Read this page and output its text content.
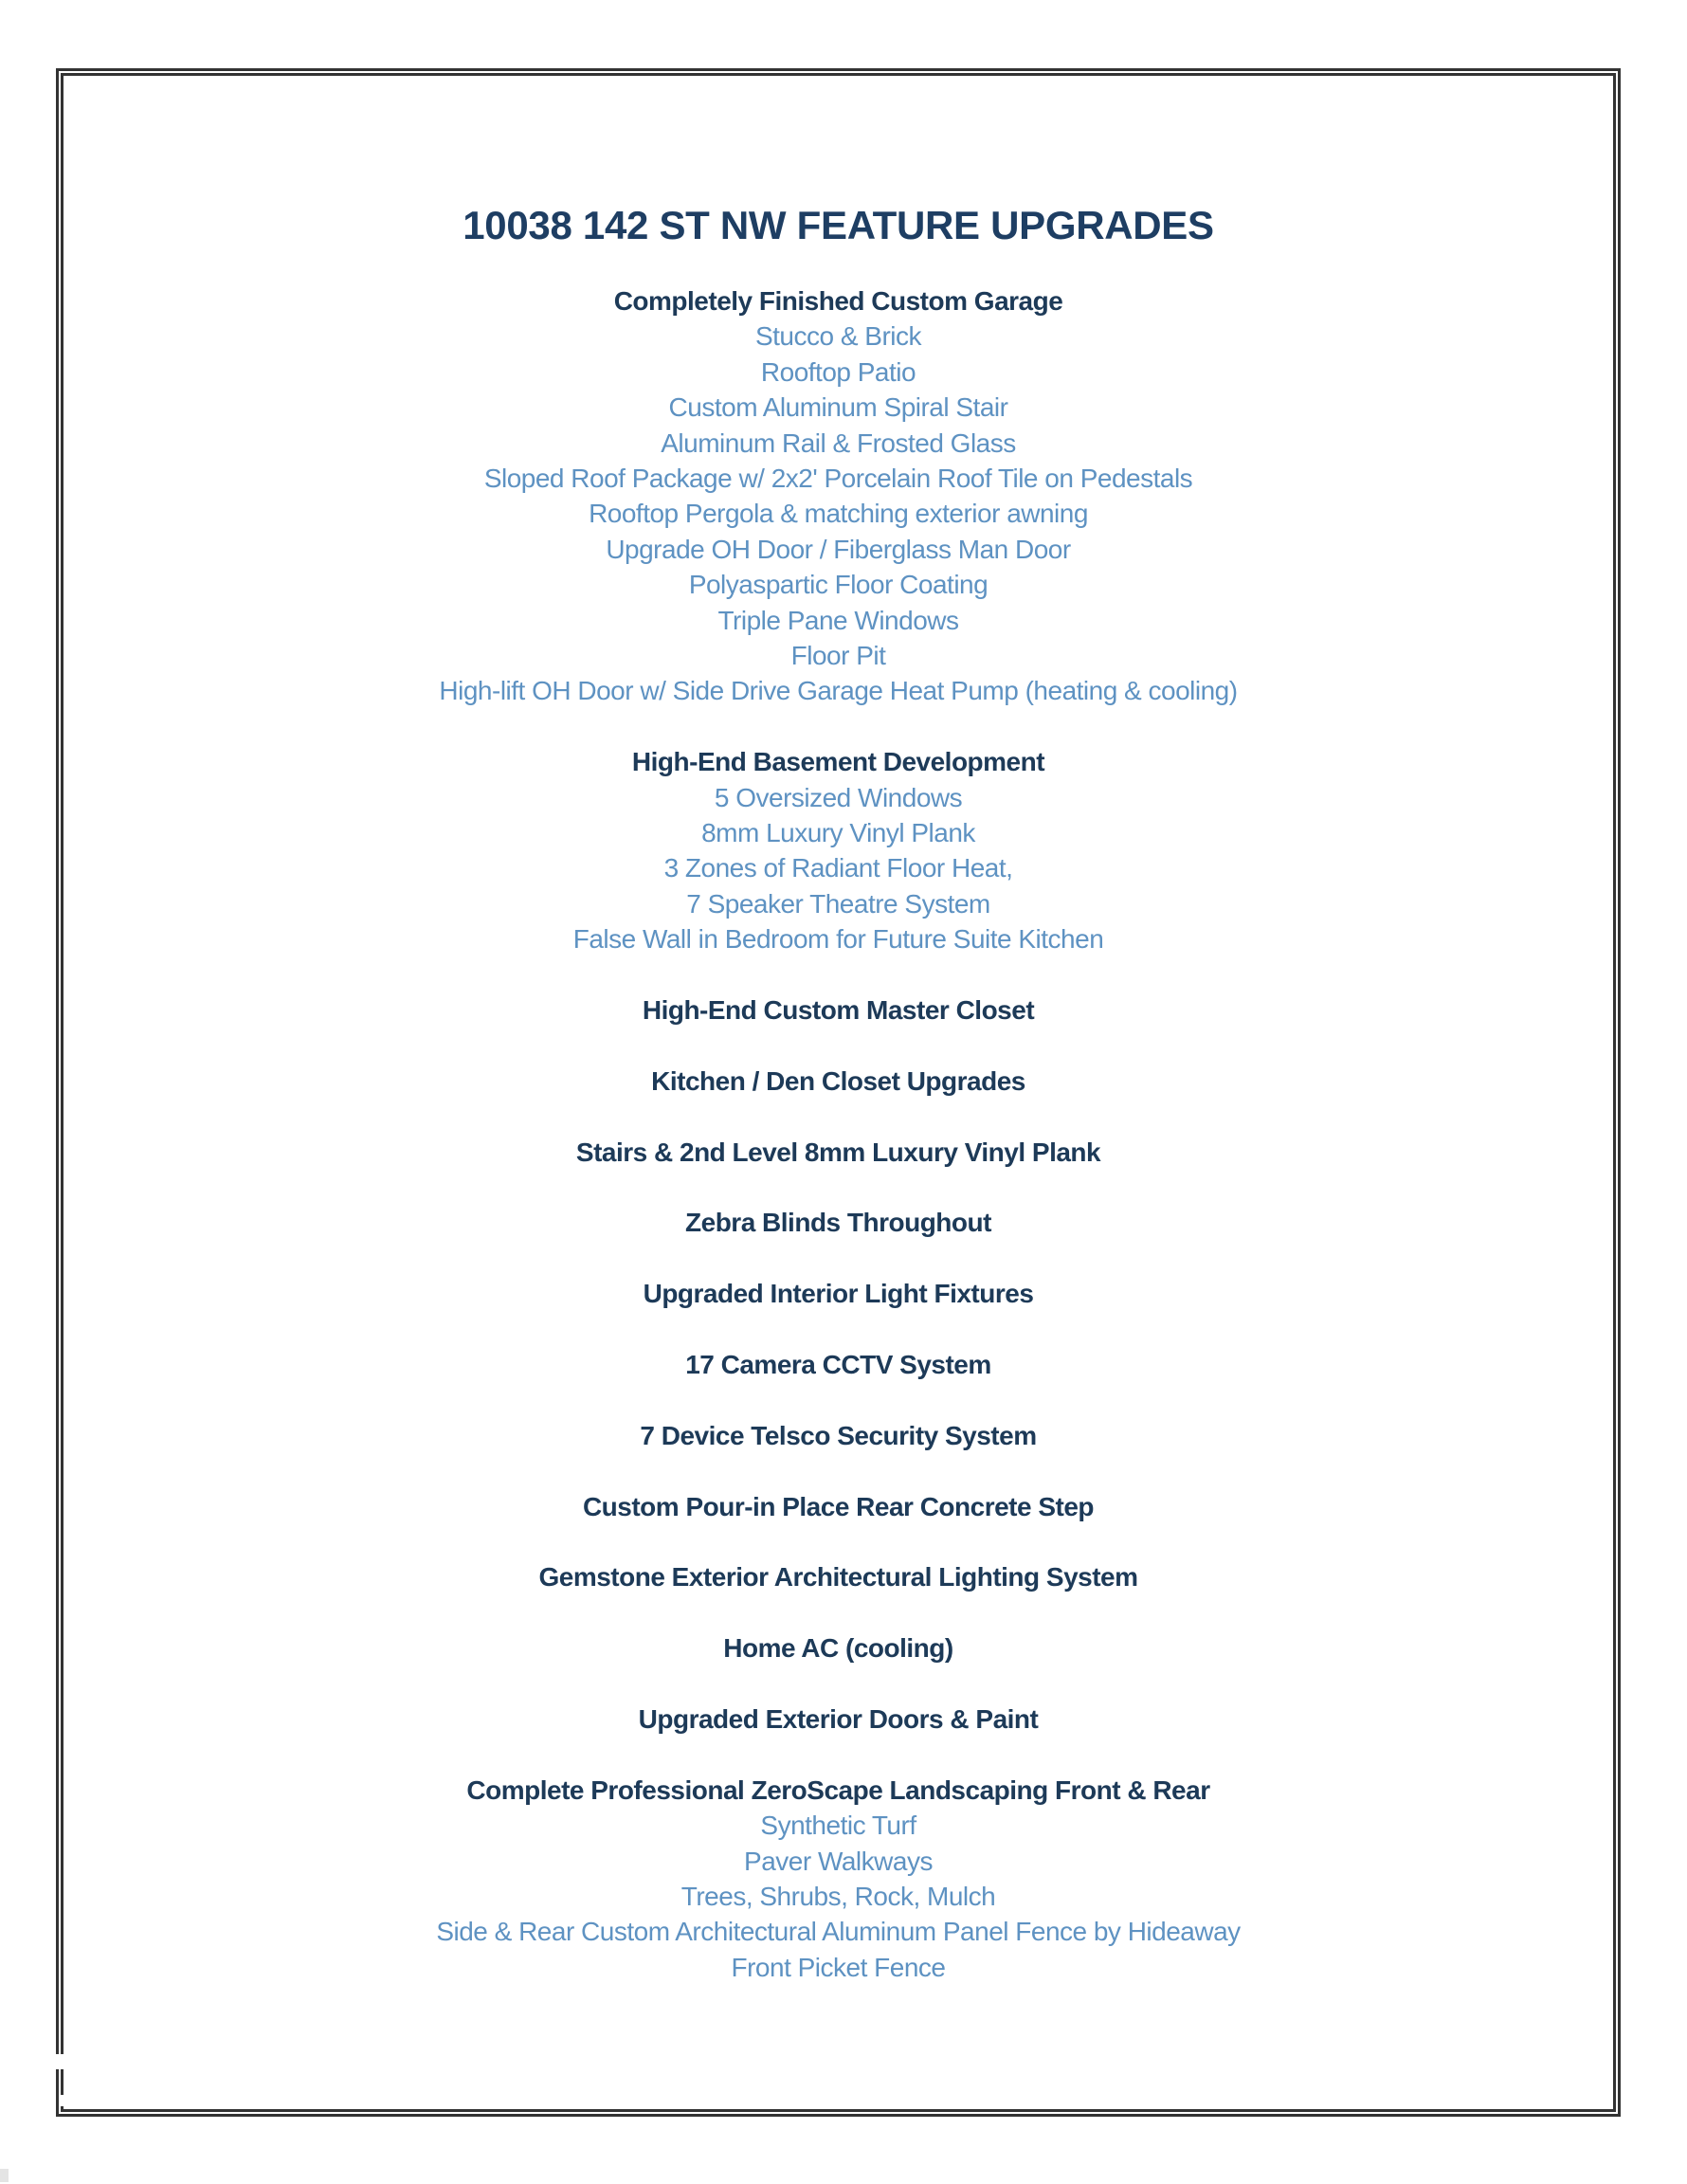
10038 142 ST NW FEATURE UPGRADES

Completely Finished Custom Garage

Stucco & Brick

Rooftop Patio

Custom Aluminum Spiral Stair

Aluminum Rail & Frosted Glass

Sloped Roof Package w/ 2x2' Porcelain Roof Tile on Pedestals

Rooftop Pergola & matching exterior awning

Upgrade OH Door / Fiberglass Man Door

Polyaspartic Floor Coating

Triple Pane Windows

Floor Pit

High-lift OH Door w/ Side Drive Garage Heat Pump (heating & cooling)

High-End Basement Development

5 Oversized Windows

8mm Luxury Vinyl Plank

3 Zones of Radiant Floor Heat,

7 Speaker Theatre System

False Wall in Bedroom for Future Suite Kitchen

High-End Custom Master Closet

Kitchen / Den Closet Upgrades

Stairs & 2nd Level 8mm Luxury Vinyl Plank

Zebra Blinds Throughout

Upgraded Interior Light Fixtures

17 Camera CCTV System

7 Device Telsco Security System

Custom Pour-in Place Rear Concrete Step

Gemstone Exterior Architectural Lighting System

Home AC (cooling)

Upgraded Exterior Doors & Paint

Complete Professional ZeroScape Landscaping Front & Rear

Synthetic Turf

Paver Walkways

Trees, Shrubs, Rock, Mulch

Side & Rear Custom Architectural Aluminum Panel Fence by Hideaway

Front Picket Fence
